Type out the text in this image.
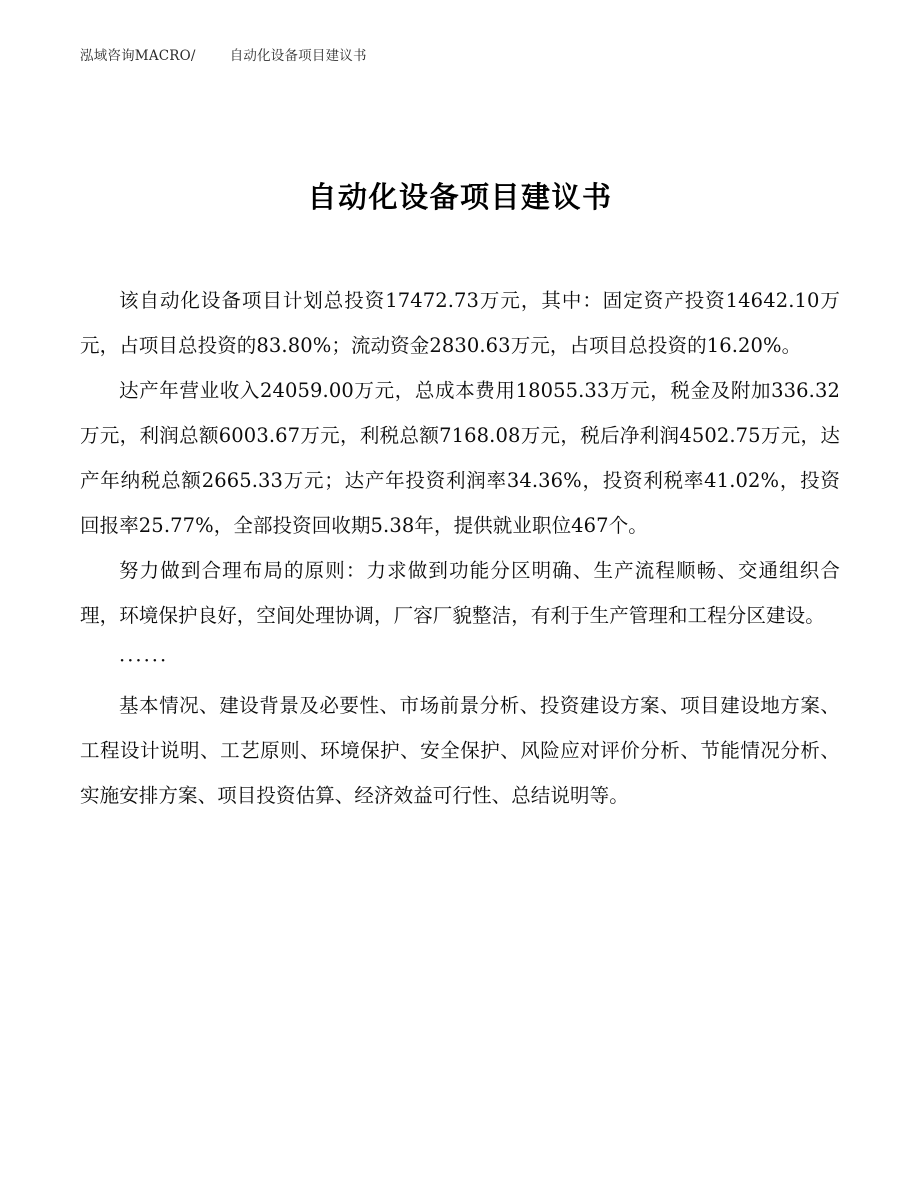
泓域咨询MACRO/	自动化设备项目建议书
自动化设备项目建议书

该自动化设备项目计划总投资17472.73万元，其中：固定资产投资14642.10万元，占项目总投资的83.80%；流动资金2830.63万元，占项目总投资的16.20%。

达产年营业收入24059.00万元，总成本费用18055.33万元，税金及附加336.32万元，利润总额6003.67万元，利税总额7168.08万元，税后净利润4502.75万元，达产年纳税总额2665.33万元；达产年投资利润率34.36%，投资利税率41.02%，投资回报率25.77%，全部投资回收期5.38年，提供就业职位467个。

努力做到合理布局的原则：力求做到功能分区明确、生产流程顺畅、交通组织合理，环境保护良好，空间处理协调，厂容厂貌整洁，有利于生产管理和工程分区建设。

······

基本情况、建设背景及必要性、市场前景分析、投资建设方案、项目建设地方案、工程设计说明、工艺原则、环境保护、安全保护、风险应对评价分析、节能情况分析、实施安排方案、项目投资估算、经济效益可行性、总结说明等。
